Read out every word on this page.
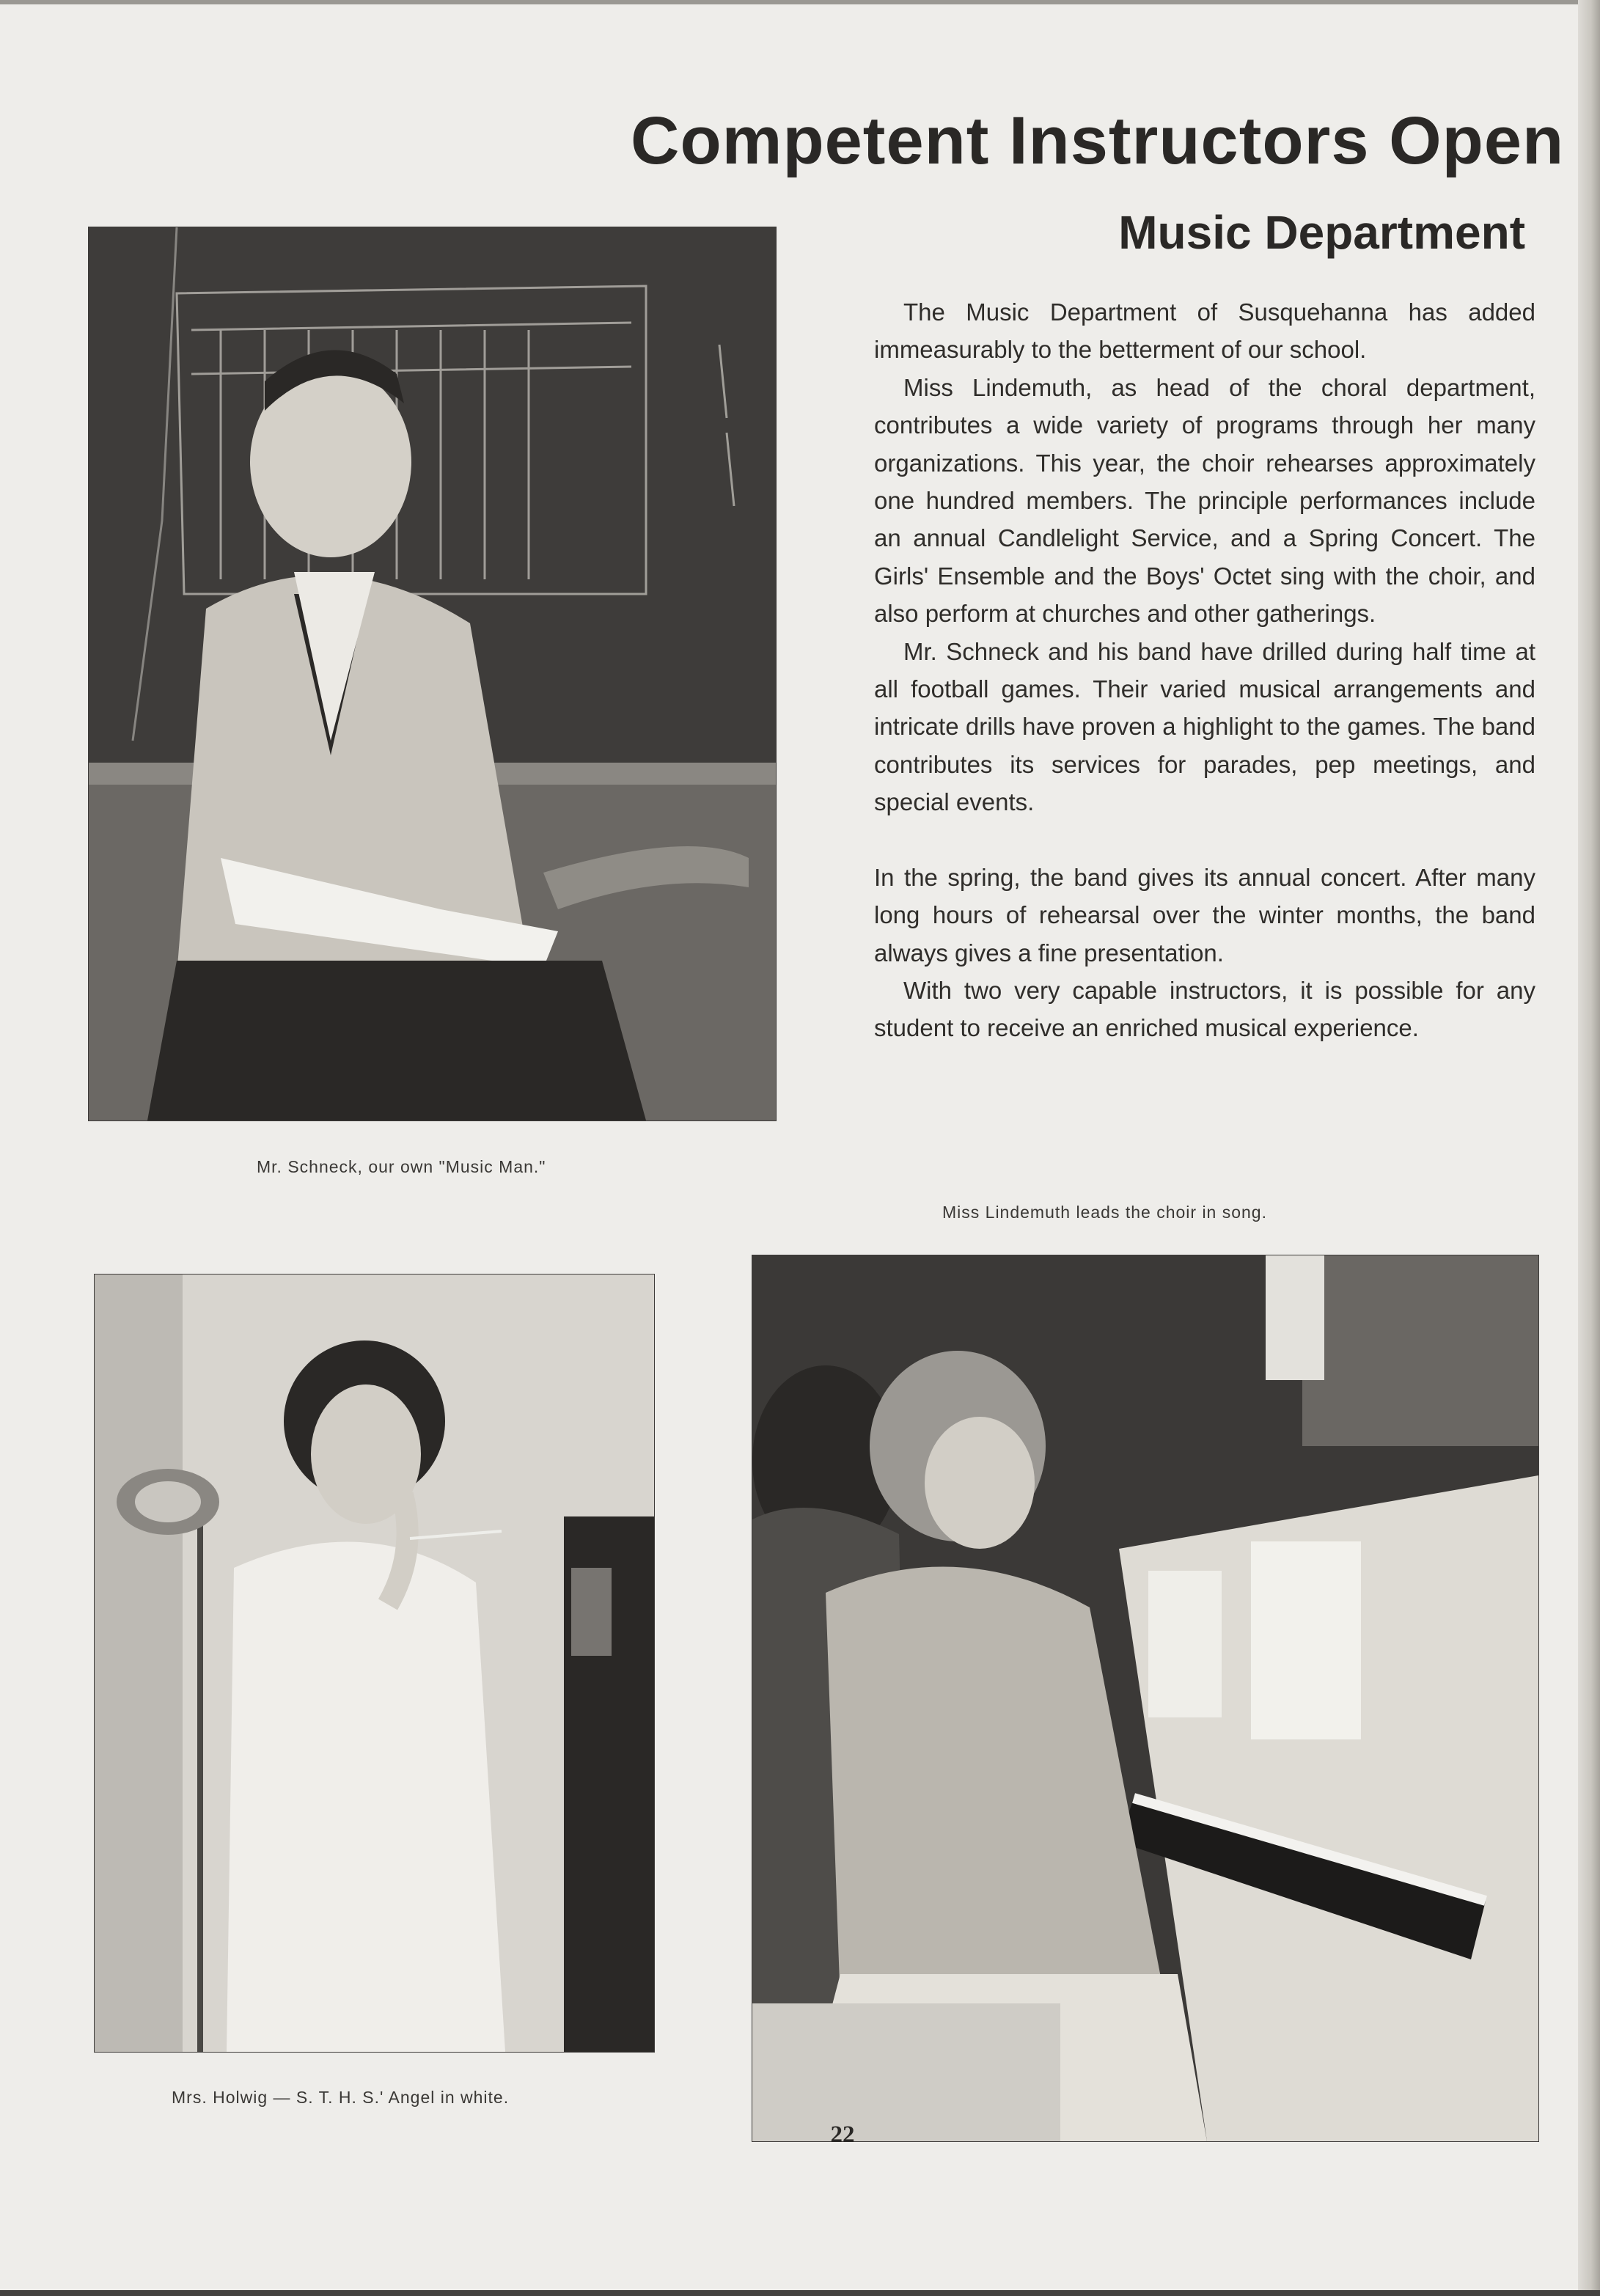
Competent Instructors Open
Music Department

The Music Department of Susquehanna has added immeasurably to the betterment of our school.

Miss Lindemuth, as head of the choral department, contributes a wide variety of programs through her many organizations. This year, the choir rehearses approximately one hundred members. The principle performances include an annual Candlelight Service, and a Spring Concert. The Girls' Ensemble and the Boys' Octet sing with the choir, and also perform at churches and other gatherings.

Mr. Schneck and his band have drilled during half time at all football games. Their varied musical arrangements and intricate drills have proven a highlight to the games. The band contributes its services for parades, pep meetings, and special events.

In the spring, the band gives its annual concert. After many long hours of rehearsal over the winter months, the band always gives a fine presentation.

With two very capable instructors, it is possible for any student to receive an enriched musical experience.

Mr. Schneck, our own "Music Man."
Miss Lindemuth leads the choir in song.
Mrs. Holwig — S. T. H. S.' Angel in white.
22
